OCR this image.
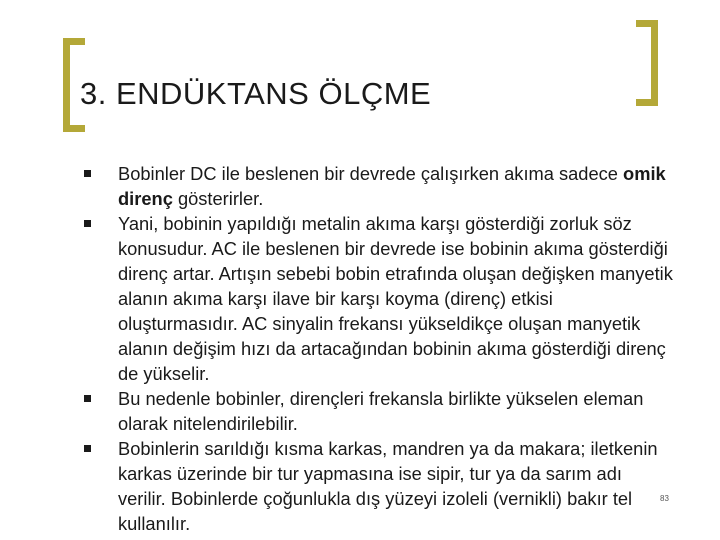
3. ENDÜKTANS ÖLÇME
Bobinler DC ile beslenen bir devrede çalışırken akıma sadece omik direnç gösterirler.
Yani, bobinin yapıldığı metalin akıma karşı gösterdiği zorluk söz konusudur. AC ile beslenen bir devrede ise bobinin akıma gösterdiği direnç artar. Artışın sebebi bobin etrafında oluşan değişken manyetik alanın akıma karşı ilave bir karşı koyma (direnç) etkisi oluşturmasıdır. AC sinyalin frekansı yükseldikçe oluşan manyetik alanın değişim hızı da artacağından bobinin akıma gösterdiği direnç de yükselir.
Bu nedenle bobinler, dirençleri frekansla birlikte yükselen eleman olarak nitelendirilebilir.
Bobinlerin sarıldığı kısma karkas, mandren ya da makara; iletkenin karkas üzerinde bir tur yapmasına ise sipir, tur ya da sarım adı verilir. Bobinlerde çoğunlukla dış yüzeyi izoleli (vernikli) bakır tel kullanılır.
83
